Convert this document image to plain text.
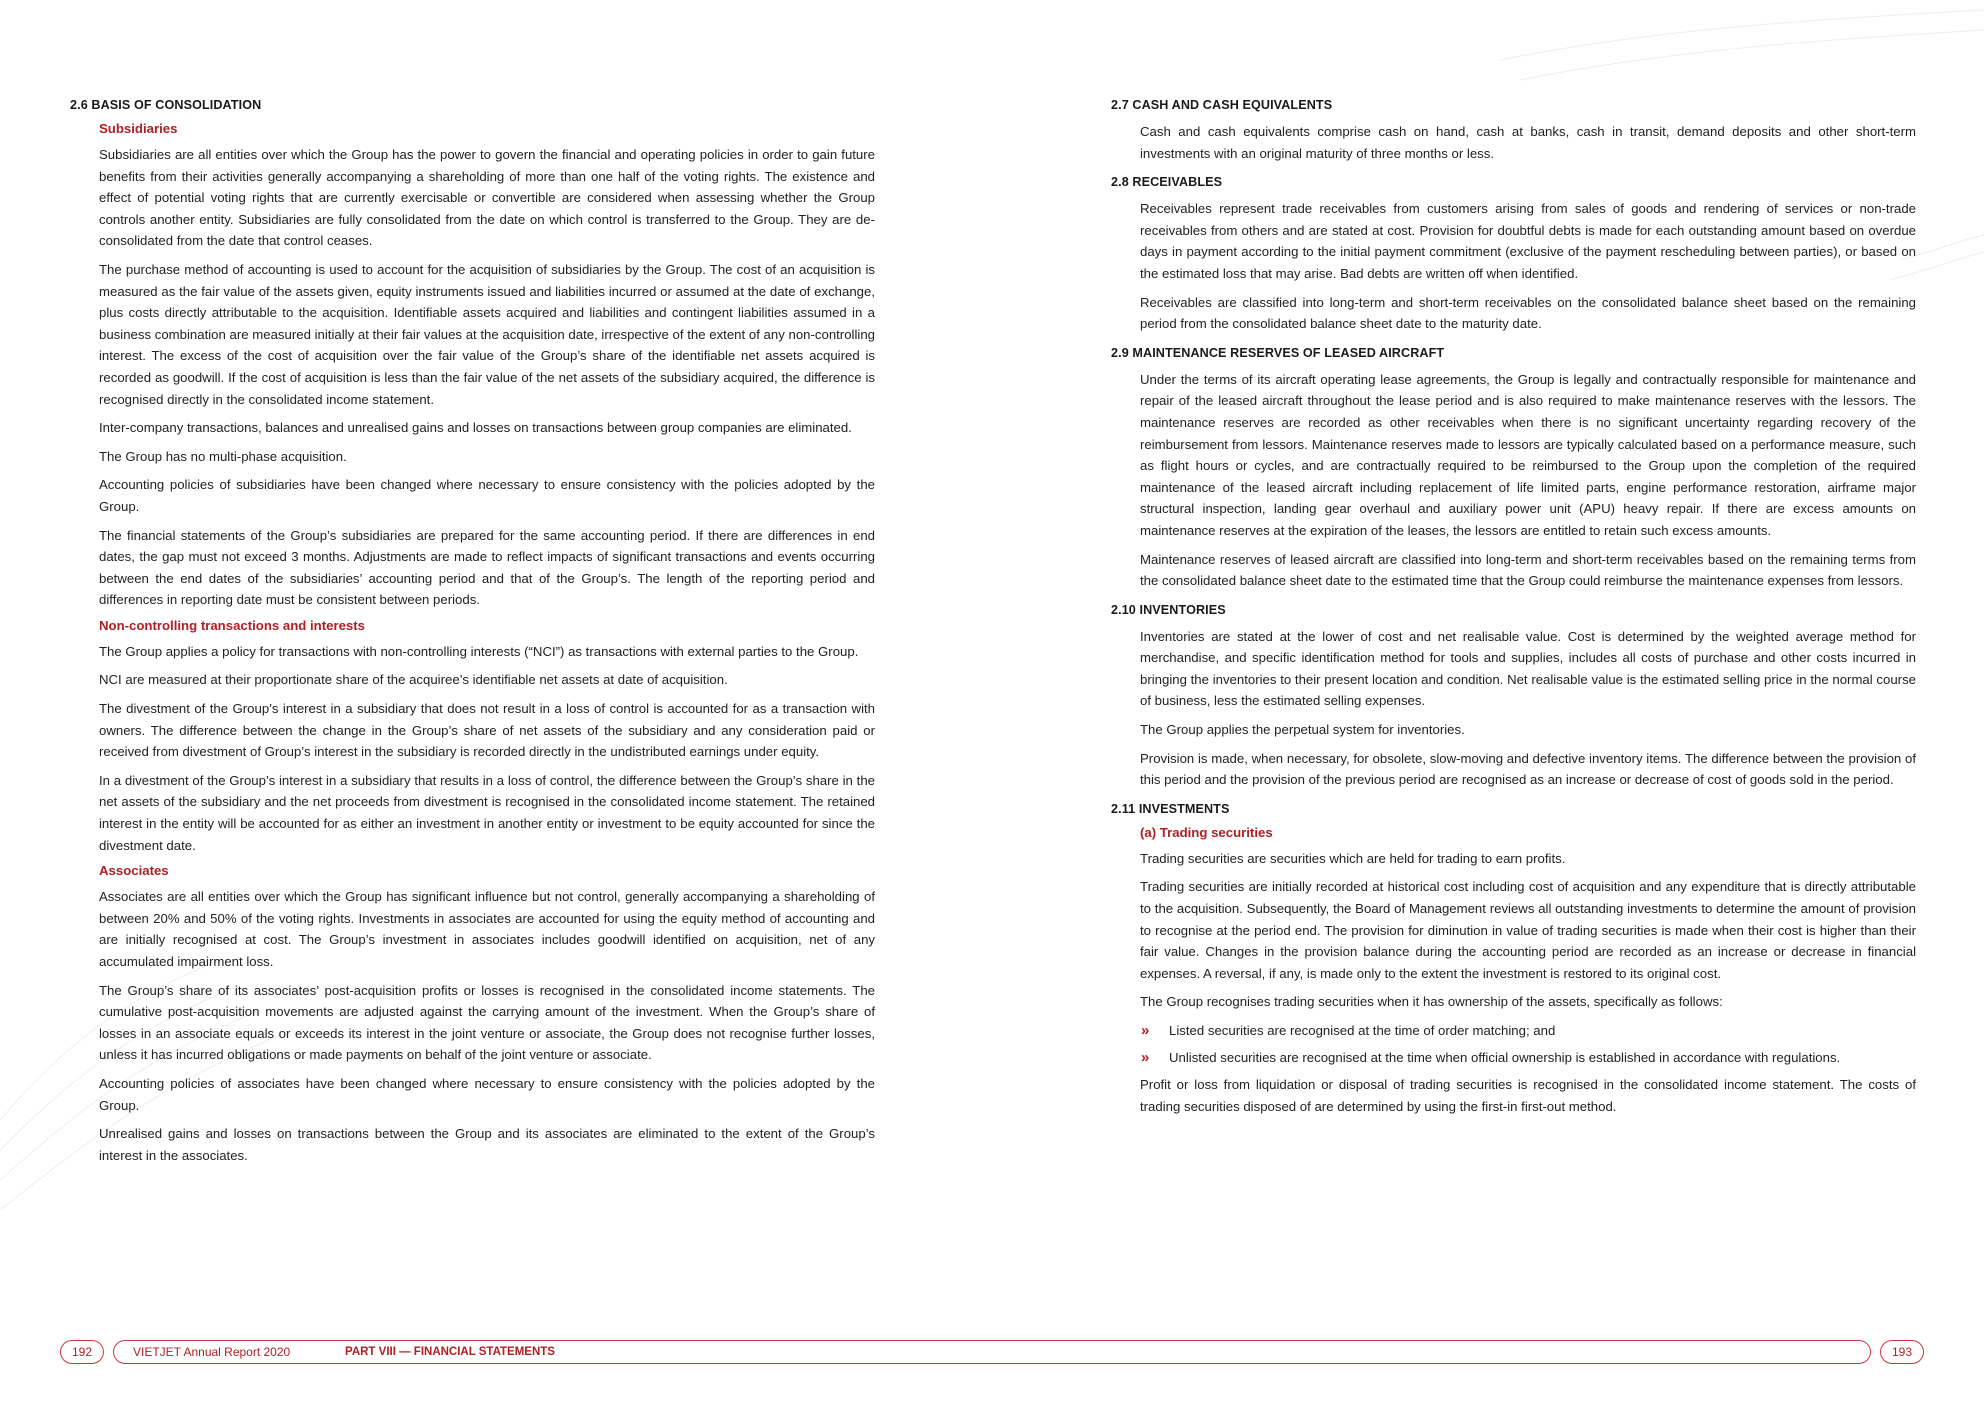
2.6 BASIS OF CONSOLIDATION
Subsidiaries

Subsidiaries are all entities over which the Group has the power to govern the financial and operating policies in order to gain future benefits from their activities generally accompanying a shareholding of more than one half of the voting rights. The existence and effect of potential voting rights that are currently exercisable or convertible are considered when assessing whether the Group controls another entity. Subsidiaries are fully consolidated from the date on which control is transferred to the Group. They are de-consolidated from the date that control ceases.

The purchase method of accounting is used to account for the acquisition of subsidiaries by the Group. The cost of an acquisition is measured as the fair value of the assets given, equity instruments issued and liabilities incurred or assumed at the date of exchange, plus costs directly attributable to the acquisition. Identifiable assets acquired and liabilities and contingent liabilities assumed in a business combination are measured initially at their fair values at the acquisition date, irrespective of the extent of any non-controlling interest. The excess of the cost of acquisition over the fair value of the Group’s share of the identifiable net assets acquired is recorded as goodwill. If the cost of acquisition is less than the fair value of the net assets of the subsidiary acquired, the difference is recognised directly in the consolidated income statement.

Inter-company transactions, balances and unrealised gains and losses on transactions between group companies are eliminated.

The Group has no multi-phase acquisition.

Accounting policies of subsidiaries have been changed where necessary to ensure consistency with the policies adopted by the Group.

The financial statements of the Group’s subsidiaries are prepared for the same accounting period. If there are differences in end dates, the gap must not exceed 3 months. Adjustments are made to reflect impacts of significant transactions and events occurring between the end dates of the subsidiaries’ accounting period and that of the Group’s. The length of the reporting period and differences in reporting date must be consistent between periods.

Non-controlling transactions and interests

The Group applies a policy for transactions with non-controlling interests (“NCI”) as transactions with external parties to the Group.

NCI are measured at their proportionate share of the acquiree’s identifiable net assets at date of acquisition.

The divestment of the Group’s interest in a subsidiary that does not result in a loss of control is accounted for as a transaction with owners. The difference between the change in the Group’s share of net assets of the subsidiary and any consideration paid or received from divestment of Group’s interest in the subsidiary is recorded directly in the undistributed earnings under equity.

In a divestment of the Group’s interest in a subsidiary that results in a loss of control, the difference between the Group’s share in the net assets of the subsidiary and the net proceeds from divestment is recognised in the consolidated income statement. The retained interest in the entity will be accounted for as either an investment in another entity or investment to be equity accounted for since the divestment date.

Associates

Associates are all entities over which the Group has significant influence but not control, generally accompanying a shareholding of between 20% and 50% of the voting rights. Investments in associates are accounted for using the equity method of accounting and are initially recognised at cost. The Group’s investment in associates includes goodwill identified on acquisition, net of any accumulated impairment loss.

The Group’s share of its associates’ post-acquisition profits or losses is recognised in the consolidated income statements. The cumulative post-acquisition movements are adjusted against the carrying amount of the investment. When the Group’s share of losses in an associate equals or exceeds its interest in the joint venture or associate, the Group does not recognise further losses, unless it has incurred obligations or made payments on behalf of the joint venture or associate.

Accounting policies of associates have been changed where necessary to ensure consistency with the policies adopted by the Group.

Unrealised gains and losses on transactions between the Group and its associates are eliminated to the extent of the Group’s interest in the associates.

2.7 CASH AND CASH EQUIVALENTS

Cash and cash equivalents comprise cash on hand, cash at banks, cash in transit, demand deposits and other short-term investments with an original maturity of three months or less.

2.8 RECEIVABLES

Receivables represent trade receivables from customers arising from sales of goods and rendering of services or non-trade receivables from others and are stated at cost. Provision for doubtful debts is made for each outstanding amount based on overdue days in payment according to the initial payment commitment (exclusive of the payment rescheduling between parties), or based on the estimated loss that may arise. Bad debts are written off when identified.

Receivables are classified into long-term and short-term receivables on the consolidated balance sheet based on the remaining period from the consolidated balance sheet date to the maturity date.

2.9 MAINTENANCE RESERVES OF LEASED AIRCRAFT

Under the terms of its aircraft operating lease agreements, the Group is legally and contractually responsible for maintenance and repair of the leased aircraft throughout the lease period and is also required to make maintenance reserves with the lessors. The maintenance reserves are recorded as other receivables when there is no significant uncertainty regarding recovery of the reimbursement from lessors. Maintenance reserves made to lessors are typically calculated based on a performance measure, such as flight hours or cycles, and are contractually required to be reimbursed to the Group upon the completion of the required maintenance of the leased aircraft including replacement of life limited parts, engine performance restoration, airframe major structural inspection, landing gear overhaul and auxiliary power unit (APU) heavy repair. If there are excess amounts on maintenance reserves at the expiration of the leases, the lessors are entitled to retain such excess amounts.

Maintenance reserves of leased aircraft are classified into long-term and short-term receivables based on the remaining terms from the consolidated balance sheet date to the estimated time that the Group could reimburse the maintenance expenses from lessors.

2.10 INVENTORIES

Inventories are stated at the lower of cost and net realisable value. Cost is determined by the weighted average method for merchandise, and specific identification method for tools and supplies, includes all costs of purchase and other costs incurred in bringing the inventories to their present location and condition. Net realisable value is the estimated selling price in the normal course of business, less the estimated selling expenses.

The Group applies the perpetual system for inventories.

Provision is made, when necessary, for obsolete, slow-moving and defective inventory items. The difference between the provision of this period and the provision of the previous period are recognised as an increase or decrease of cost of goods sold in the period.

2.11 INVESTMENTS
(a) Trading securities

Trading securities are securities which are held for trading to earn profits.

Trading securities are initially recorded at historical cost including cost of acquisition and any expenditure that is directly attributable to the acquisition. Subsequently, the Board of Management reviews all outstanding investments to determine the amount of provision to recognise at the period end. The provision for diminution in value of trading securities is made when their cost is higher than their fair value. Changes in the provision balance during the accounting period are recorded as an increase or decrease in financial expenses. A reversal, if any, is made only to the extent the investment is restored to its original cost.

The Group recognises trading securities when it has ownership of the assets, specifically as follows:

» Listed securities are recognised at the time of order matching; and
» Unlisted securities are recognised at the time when official ownership is established in accordance with regulations.

Profit or loss from liquidation or disposal of trading securities is recognised in the consolidated income statement. The costs of trading securities disposed of are determined by using the first-in first-out method.

192	VIETJET Annual Report 2020	PART VIII — FINANCIAL STATEMENTS	193
